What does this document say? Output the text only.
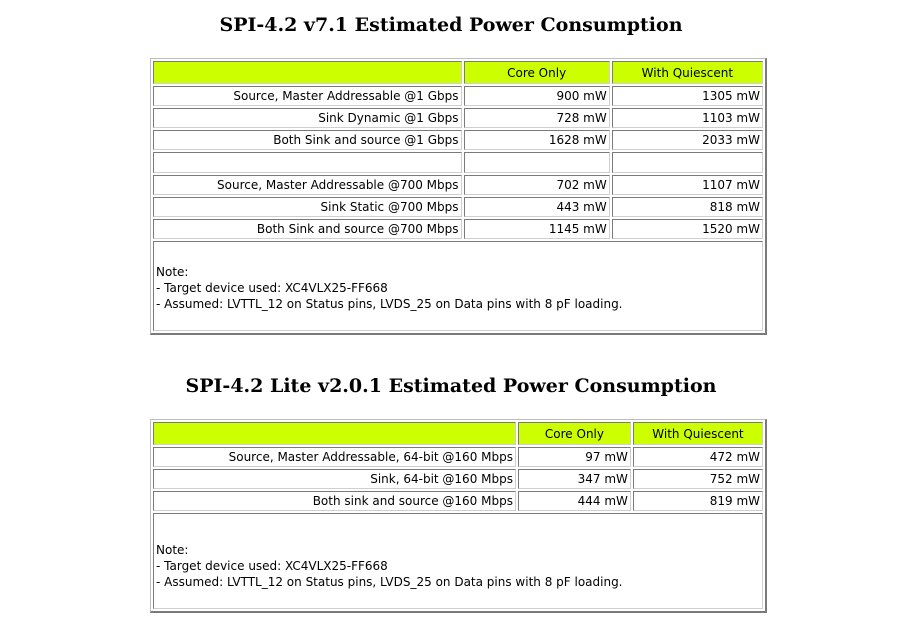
SPI-4.2 v7.1 Estimated Power Consumption
	Core Only	With Quiescent
Source, Master Addressable @1 Gbps	900 mW	1305 mW
Sink Dynamic @1 Gbps	728 mW	1103 mW
Both Sink and source @1 Gbps	1628 mW	2033 mW

Source, Master Addressable @700 Mbps	702 mW	1107 mW
Sink Static @700 Mbps	443 mW	818 mW
Both Sink and source @700 Mbps	1145 mW	1520 mW

Note:
- Target device used: XC4VLX25-FF668
- Assumed: LVTTL_12 on Status pins, LVDS_25 on Data pins with 8 pF loading.		
SPI-4.2 Lite v2.0.1 Estimated Power Consumption
	Core Only	With Quiescent
Source, Master Addressable, 64-bit @160 Mbps	97 mW	472 mW
Sink, 64-bit @160 Mbps	347 mW	752 mW
Both sink and source @160 Mbps	444 mW	819 mW

Note:
- Target device used: XC4VLX25-FF668
- Assumed: LVTTL_12 on Status pins, LVDS_25 on Data pins with 8 pF loading.		
